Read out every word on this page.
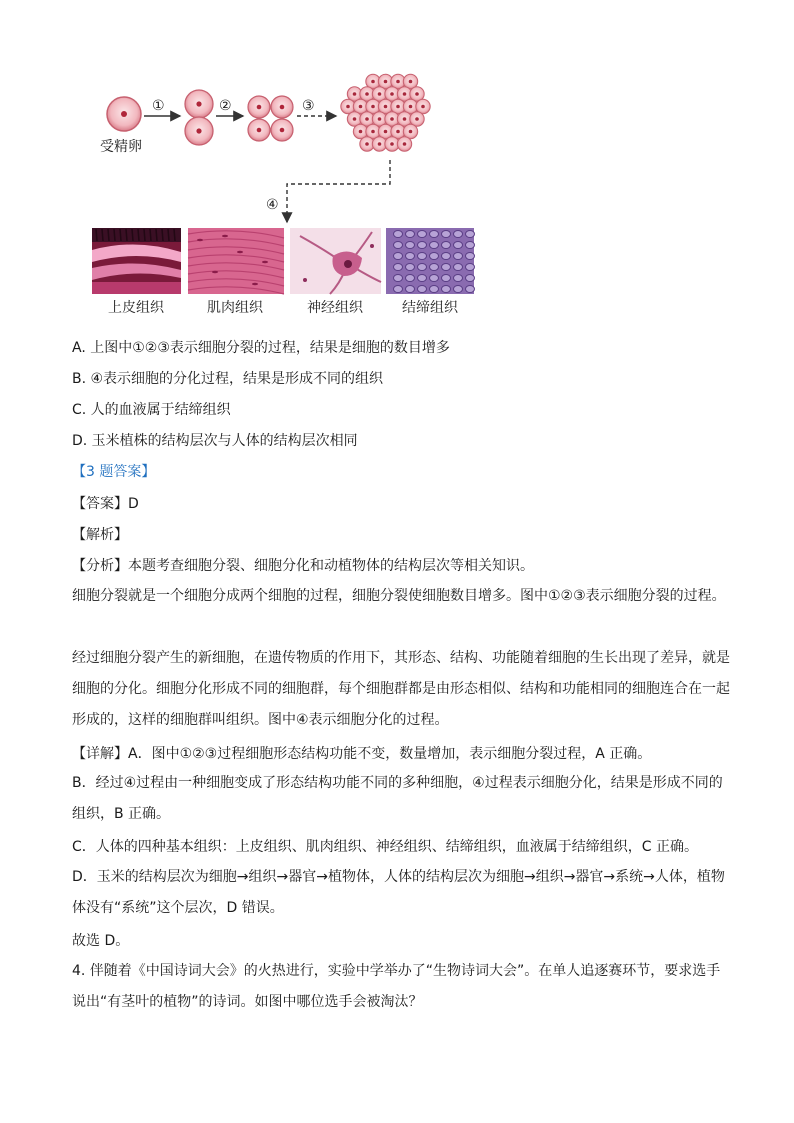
受精卵
①	②	③
④
上皮组织	肌肉组织	神经组织	结缔组织
A. 上图中①②③表示细胞分裂的过程，结果是细胞的数目增多
B. ④表示细胞的分化过程，结果是形成不同的组织
C. 人的血液属于结缔组织
D. 玉米植株的结构层次与人体的结构层次相同
【3 题答案】
【答案】D
【解析】
【分析】本题考查细胞分裂、细胞分化和动植物体的结构层次等相关知识。
细胞分裂就是一个细胞分成两个细胞的过程，细胞分裂使细胞数目增多。图中①②③表示细胞分裂的过程。
经过细胞分裂产生的新细胞，在遗传物质的作用下，其形态、结构、功能随着细胞的生长出现了差异，就是细胞的分化。细胞分化形成不同的细胞群，每个细胞群都是由形态相似、结构和功能相同的细胞连合在一起形成的，这样的细胞群叫组织。图中④表示细胞分化的过程。
【详解】A．图中①②③过程细胞形态结构功能不变，数量增加，表示细胞分裂过程，A 正确。
B．经过④过程由一种细胞变成了形态结构功能不同的多种细胞，④过程表示细胞分化，结果是形成不同的组织，B 正确。
C．人体的四种基本组织：上皮组织、肌肉组织、神经组织、结缔组织，血液属于结缔组织，C 正确。
D．玉米的结构层次为细胞→组织→器官→植物体，人体的结构层次为细胞→组织→器官→系统→人体，植物体没有“系统”这个层次，D 错误。
故选 D。
4. 伴随着《中国诗词大会》的火热进行，实验中学举办了“生物诗词大会”。在单人追逐赛环节，要求选手说出“有茎叶的植物”的诗词。如图中哪位选手会被淘汰？
